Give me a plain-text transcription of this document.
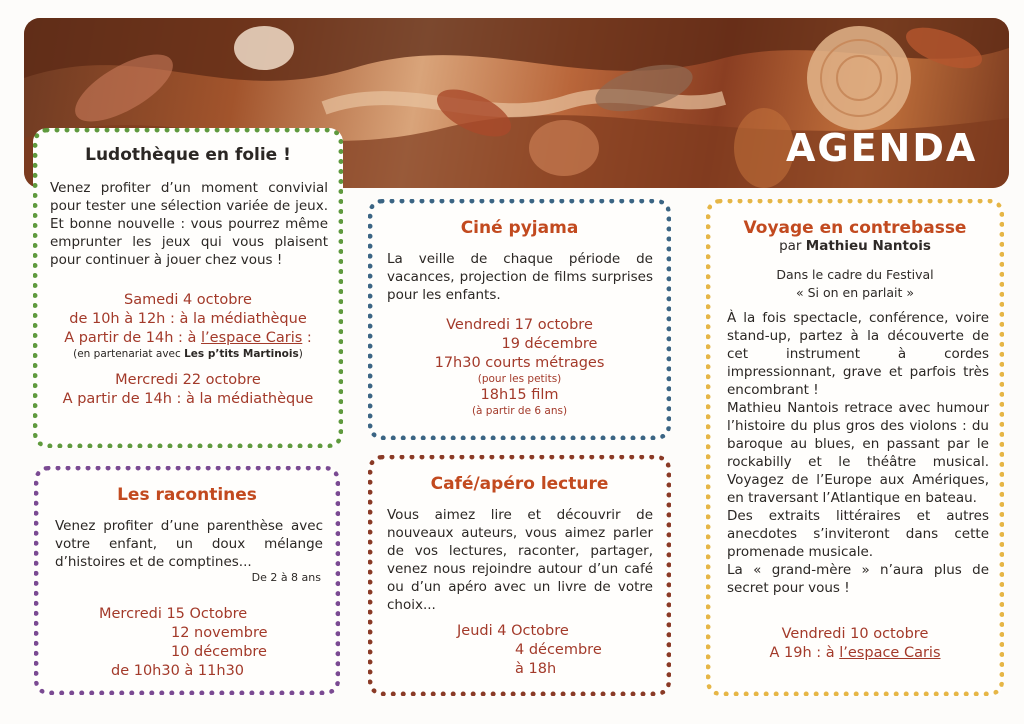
AGENDA
Ludothèque en folie !
Venez profiter d’un moment convivial pour tester une sélection variée de jeux. Et bonne nouvelle : vous pourrez même emprunter les jeux qui vous plaisent pour continuer à jouer chez vous !
Samedi 4 octobre
de 10h à 12h : à la médiathèque
A partir de 14h : à l’espace Caris :
(en partenariat avec Les p’tits Martinois)
Mercredi 22 octobre
A partir de 14h : à la médiathèque
Les racontines
Venez profiter d’une parenthèse avec votre enfant, un doux mélange d’histoires et de comptines...
De 2 à 8 ans
Mercredi 15 Octobre
12 novembre
10 décembre
de 10h30 à 11h30
Ciné pyjama
La veille de chaque période de vacances, projection de films surprises pour les enfants.
Vendredi 17 octobre
19 décembre
17h30 courts métrages
(pour les petits)
18h15 film
(à partir de 6 ans)
Café/apéro lecture
Vous aimez lire et découvrir de nouveaux auteurs, vous aimez parler de vos lectures, raconter, partager, venez nous rejoindre autour d’un café ou d’un apéro avec un livre de votre choix...
Jeudi 4 Octobre
4 décembre
à 18h
Voyage en contrebasse
par Mathieu Nantois
Dans le cadre du Festival
« Si on en parlait »
À la fois spectacle, conférence, voire stand-up, partez à la découverte de cet instrument à cordes impressionnant, grave et parfois très encombrant !
Mathieu Nantois retrace avec humour l’histoire du plus gros des violons : du baroque au blues, en passant par le rockabilly et le théâtre musical. Voyagez de l’Europe aux Amériques, en traversant l’Atlantique en bateau.
Des extraits littéraires et autres anecdotes s’inviteront dans cette promenade musicale.
La « grand-mère » n’aura plus de secret pour vous !
Vendredi 10 octobre
A 19h : à l’espace Caris
